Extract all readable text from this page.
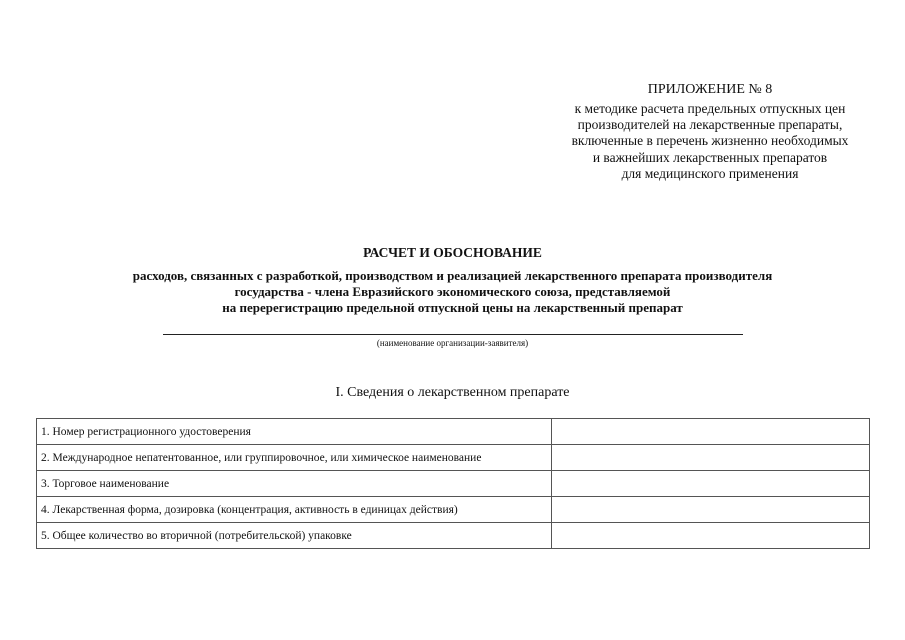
ПРИЛОЖЕНИЕ № 8
к методике расчета предельных отпускных цен
производителей на лекарственные препараты,
включенные в перечень жизненно необходимых
и важнейших лекарственных препаратов
для медицинского применения
РАСЧЕТ И ОБОСНОВАНИЕ
расходов, связанных с разработкой, производством и реализацией лекарственного препарата производителя
государства - члена Евразийского экономического союза, представляемой
на перерегистрацию предельной отпускной цены на лекарственный препарат
(наименование организации-заявителя)
I. Сведения о лекарственном препарате
1. Номер регистрационного удостоверения	
2. Международное непатентованное, или группировочное, или химическое наименование	
3. Торговое наименование	
4. Лекарственная форма, дозировка (концентрация, активность в единицах действия)	
5. Общее количество во вторичной (потребительской) упаковке	
